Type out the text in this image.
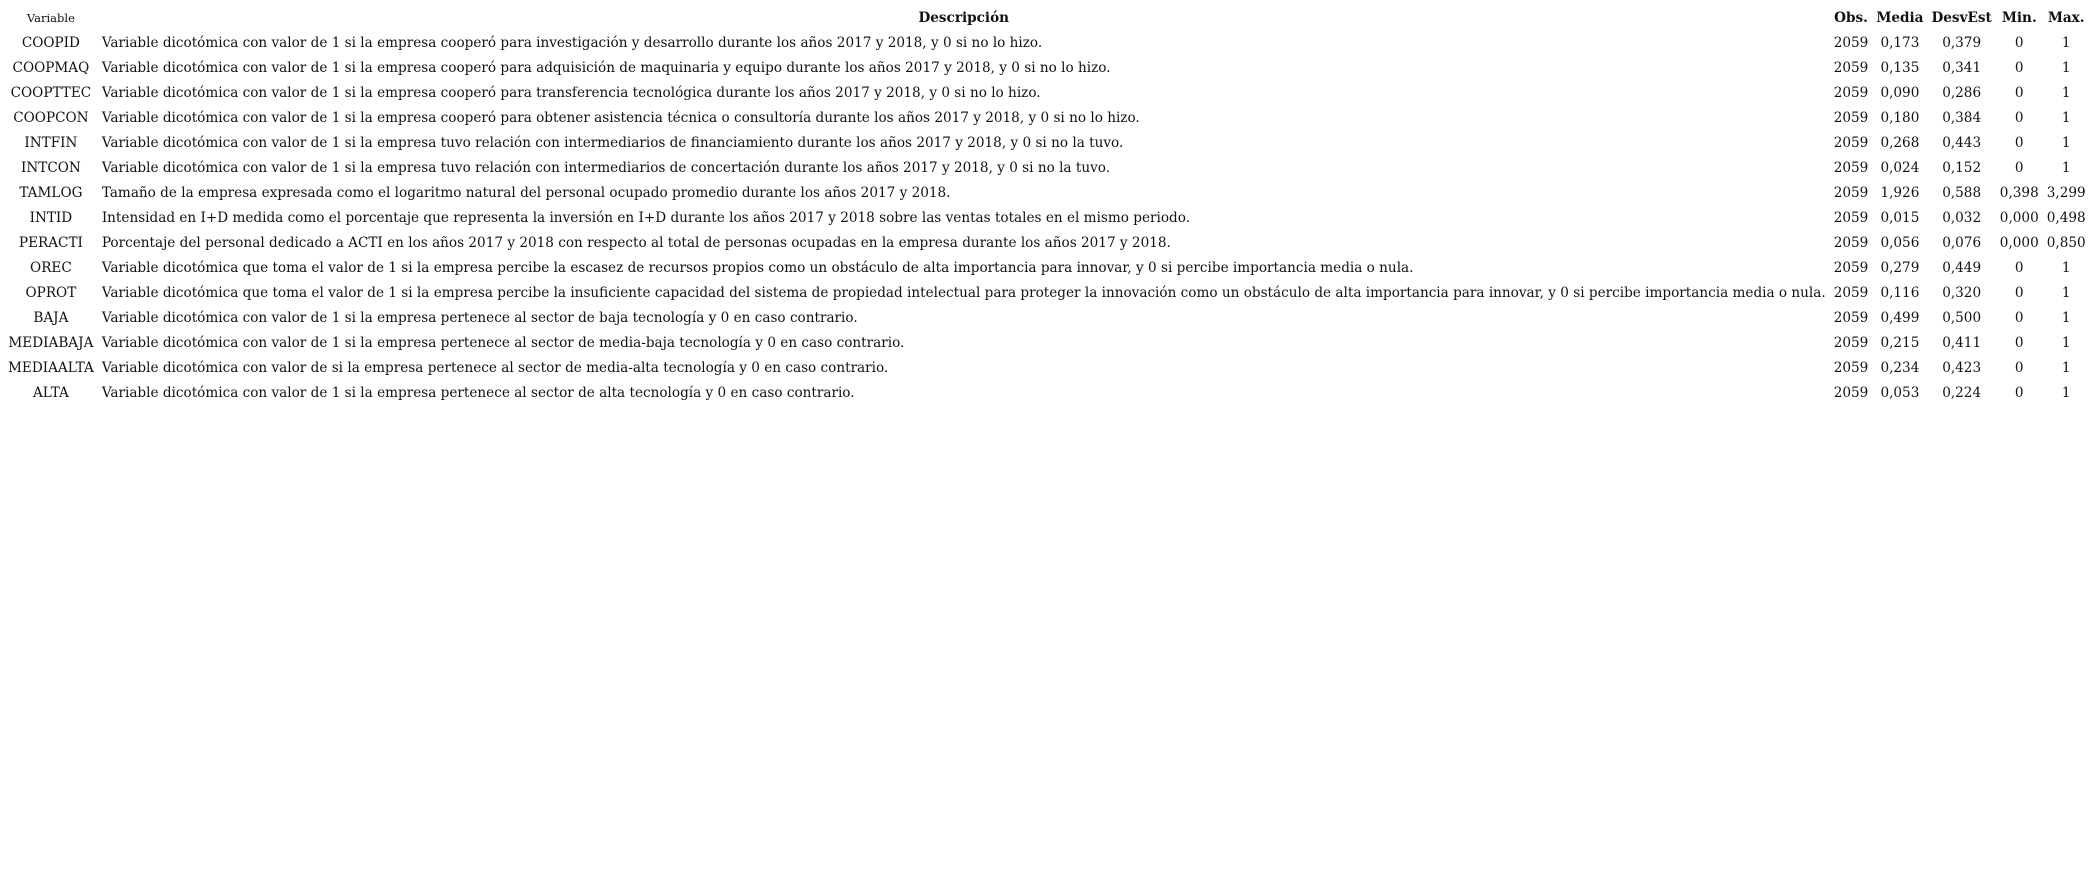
Variable	Descripción	Obs.	Media	DesvEst	Min.	Max.
COOPID	Variable dicotómica con valor de 1 si la empresa cooperó para investigación y desarrollo durante los años 2017 y 2018, y 0 si no lo hizo.	2059	0,173	0,379	0	1
COOPMAQ	Variable dicotómica con valor de 1 si la empresa cooperó para adquisición de maquinaria y equipo durante los años 2017 y 2018, y 0 si no lo hizo.	2059	0,135	0,341	0	1
COOPTTEC	Variable dicotómica con valor de 1 si la empresa cooperó para transferencia tecnológica durante los años 2017 y 2018, y 0 si no lo hizo.	2059	0,090	0,286	0	1
COOPCON	Variable dicotómica con valor de 1 si la empresa cooperó para obtener asistencia técnica o consultoría durante los años 2017 y 2018, y 0 si no lo hizo.	2059	0,180	0,384	0	1
INTFIN	Variable dicotómica con valor de 1 si la empresa tuvo relación con intermediarios de financiamiento durante los años 2017 y 2018, y 0 si no la tuvo.	2059	0,268	0,443	0	1
INTCON	Variable dicotómica con valor de 1 si la empresa tuvo relación con intermediarios de concertación durante los años 2017 y 2018, y 0 si no la tuvo.	2059	0,024	0,152	0	1
TAMLOG	Tamaño de la empresa expresada como el logaritmo natural del personal ocupado promedio durante los años 2017 y 2018.	2059	1,926	0,588	0,398	3,299
INTID	Intensidad en I+D medida como el porcentaje que representa la inversión en I+D durante los años 2017 y 2018 sobre las ventas totales en el mismo periodo.	2059	0,015	0,032	0,000	0,498
PERACTI	Porcentaje del personal dedicado a ACTI en los años 2017 y 2018 con respecto al total de personas ocupadas en la empresa durante los años 2017 y 2018.	2059	0,056	0,076	0,000	0,850
OREC	Variable dicotómica que toma el valor de 1 si la empresa percibe la escasez de recursos propios como un obstáculo de alta importancia para innovar, y 0 si percibe importancia media o nula.	2059	0,279	0,449	0	1
OPROT	Variable dicotómica que toma el valor de 1 si la empresa percibe la insuficiente capacidad del sistema de propiedad intelectual para proteger la innovación como un obstáculo de alta importancia para innovar, y 0 si percibe importancia media o nula.	2059	0,116	0,320	0	1
BAJA	Variable dicotómica con valor de 1 si la empresa pertenece al sector de baja tecnología y 0 en caso contrario.	2059	0,499	0,500	0	1
MEDIABAJA	Variable dicotómica con valor de 1 si la empresa pertenece al sector de media-baja tecnología y 0 en caso contrario.	2059	0,215	0,411	0	1
MEDIAALTA	Variable dicotómica con valor de si la empresa pertenece al sector de media-alta tecnología y 0 en caso contrario.	2059	0,234	0,423	0	1
ALTA	Variable dicotómica con valor de 1 si la empresa pertenece al sector de alta tecnología y 0 en caso contrario.	2059	0,053	0,224	0	1
